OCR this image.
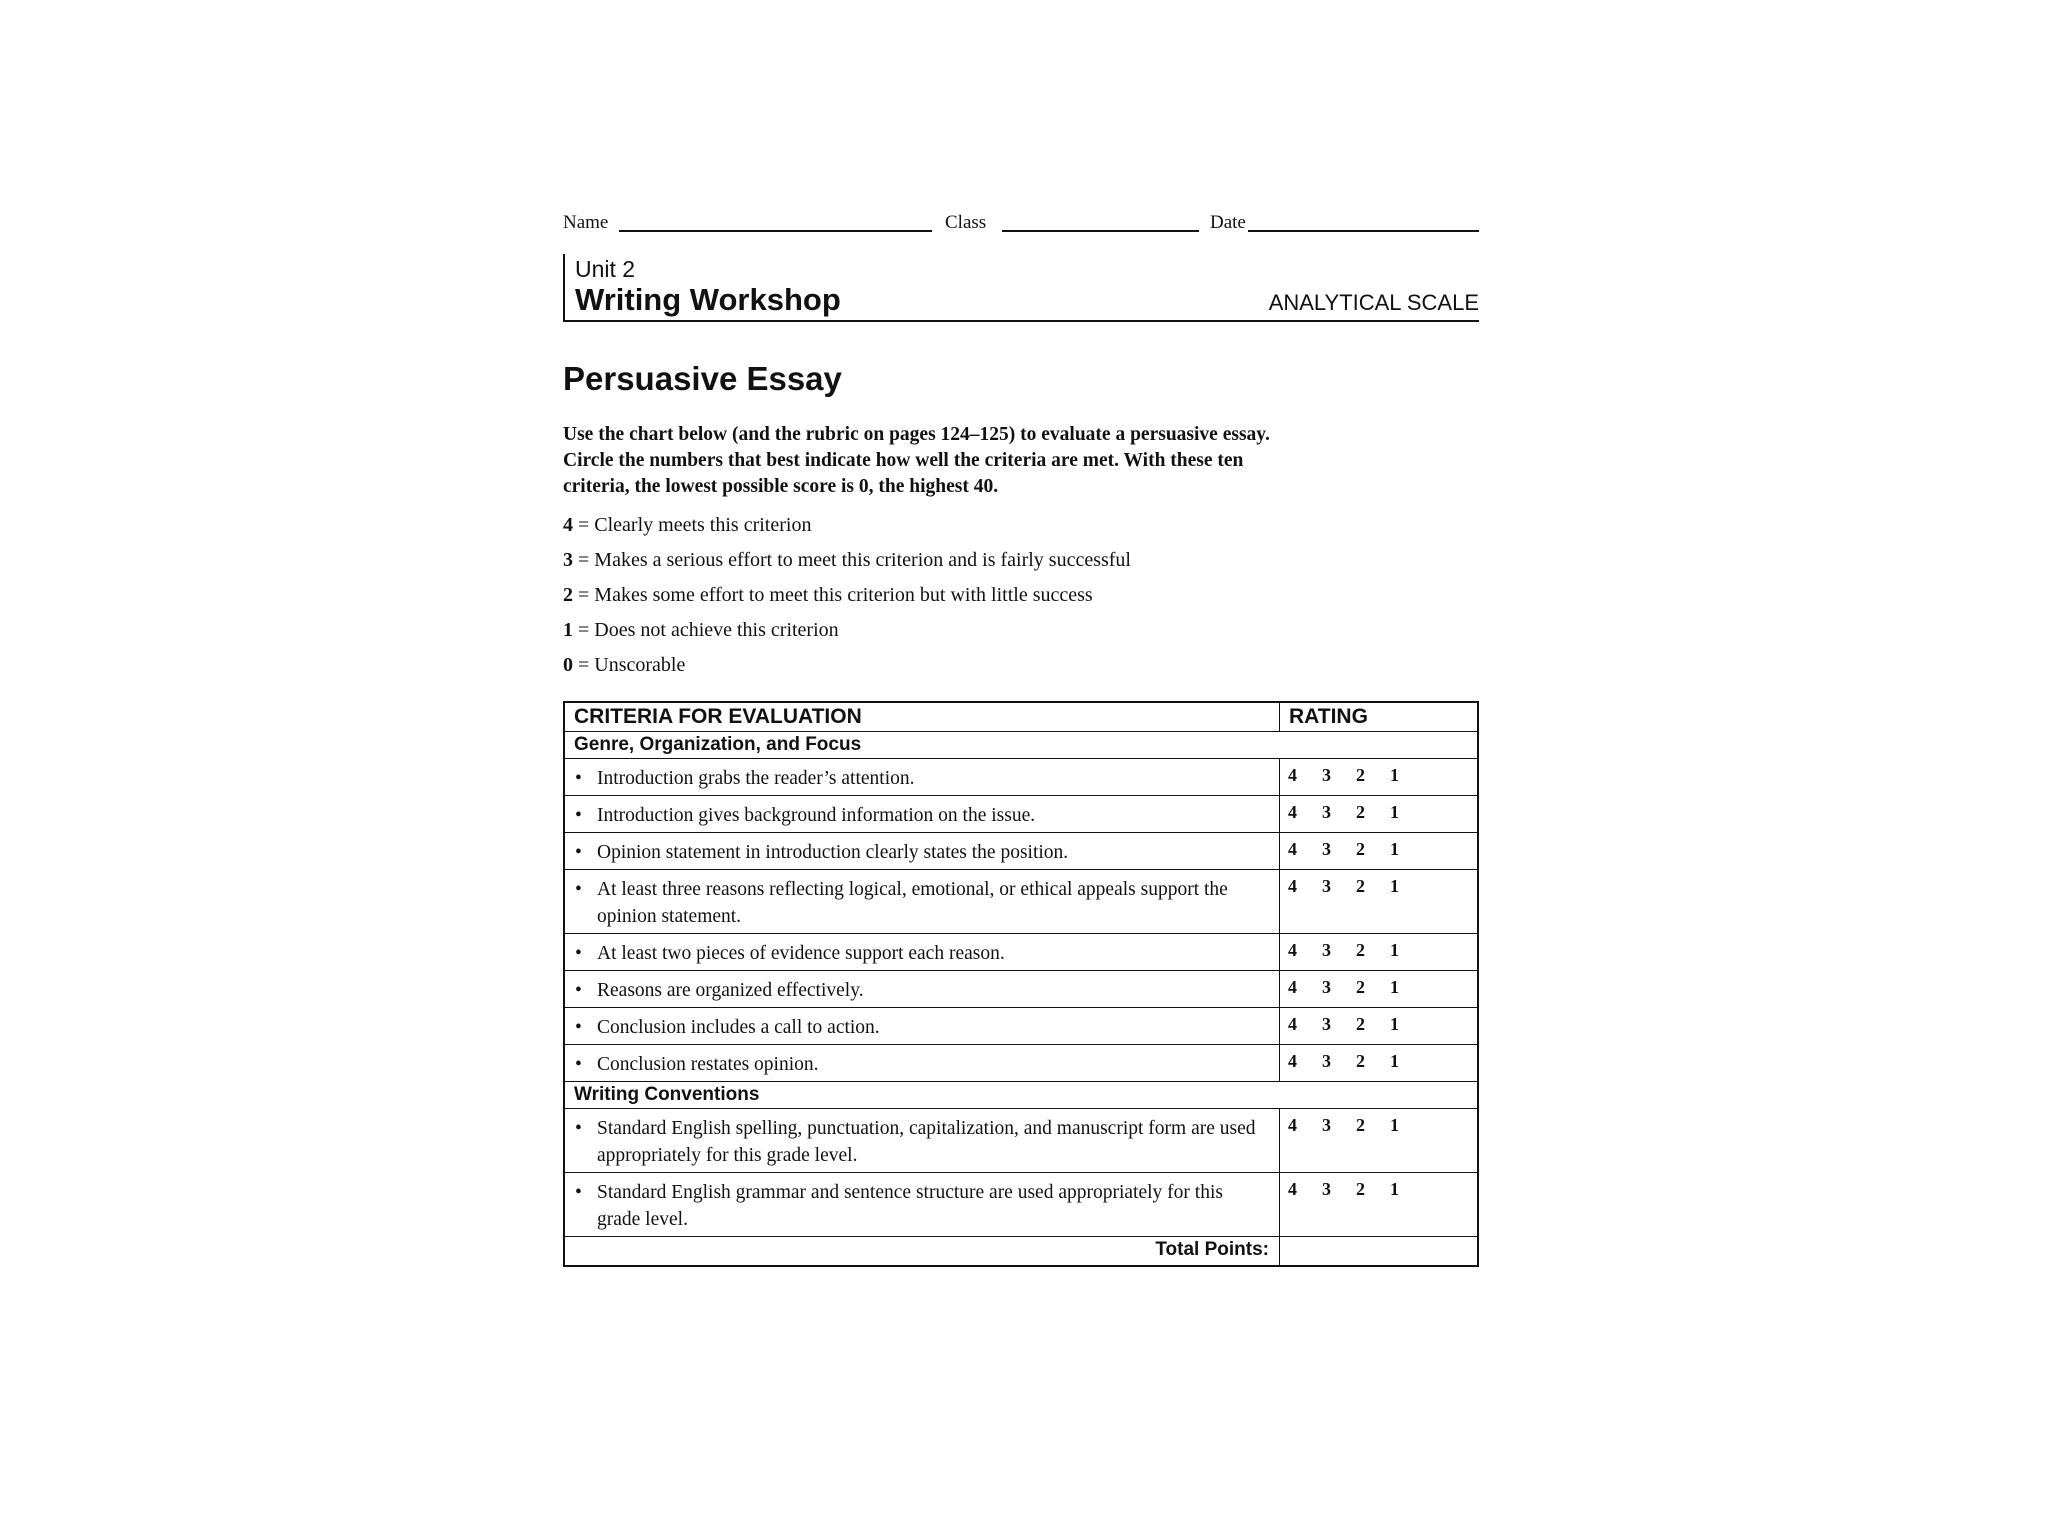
Name	Class	Date
Unit 2
Writing Workshop	ANALYTICAL SCALE
Persuasive Essay
Use the chart below (and the rubric on pages 124–125) to evaluate a persuasive essay. Circle the numbers that best indicate how well the criteria are met. With these ten criteria, the lowest possible score is 0, the highest 40.
4 = Clearly meets this criterion
3 = Makes a serious effort to meet this criterion and is fairly successful
2 = Makes some effort to meet this criterion but with little success
1 = Does not achieve this criterion
0 = Unscorable
CRITERIA FOR EVALUATION	RATING
Genre, Organization, and Focus	

• Introduction grabs the reader’s attention.	4 3 2 1

• Introduction gives background information on the issue.	4 3 2 1

• Opinion statement in introduction clearly states the position.	4 3 2 1

• At least three reasons reflecting logical, emotional, or ethical appeals support the opinion statement.	4 3 2 1

• At least two pieces of evidence support each reason.	4 3 2 1

• Reasons are organized effectively.	4 3 2 1

• Conclusion includes a call to action.	4 3 2 1

• Conclusion restates opinion.	4 3 2 1
Writing Conventions	

• Standard English spelling, punctuation, capitalization, and manuscript form are used appropriately for this grade level.	4 3 2 1

• Standard English grammar and sentence structure are used appropriately for this grade level.	4 3 2 1
Total Points:	
